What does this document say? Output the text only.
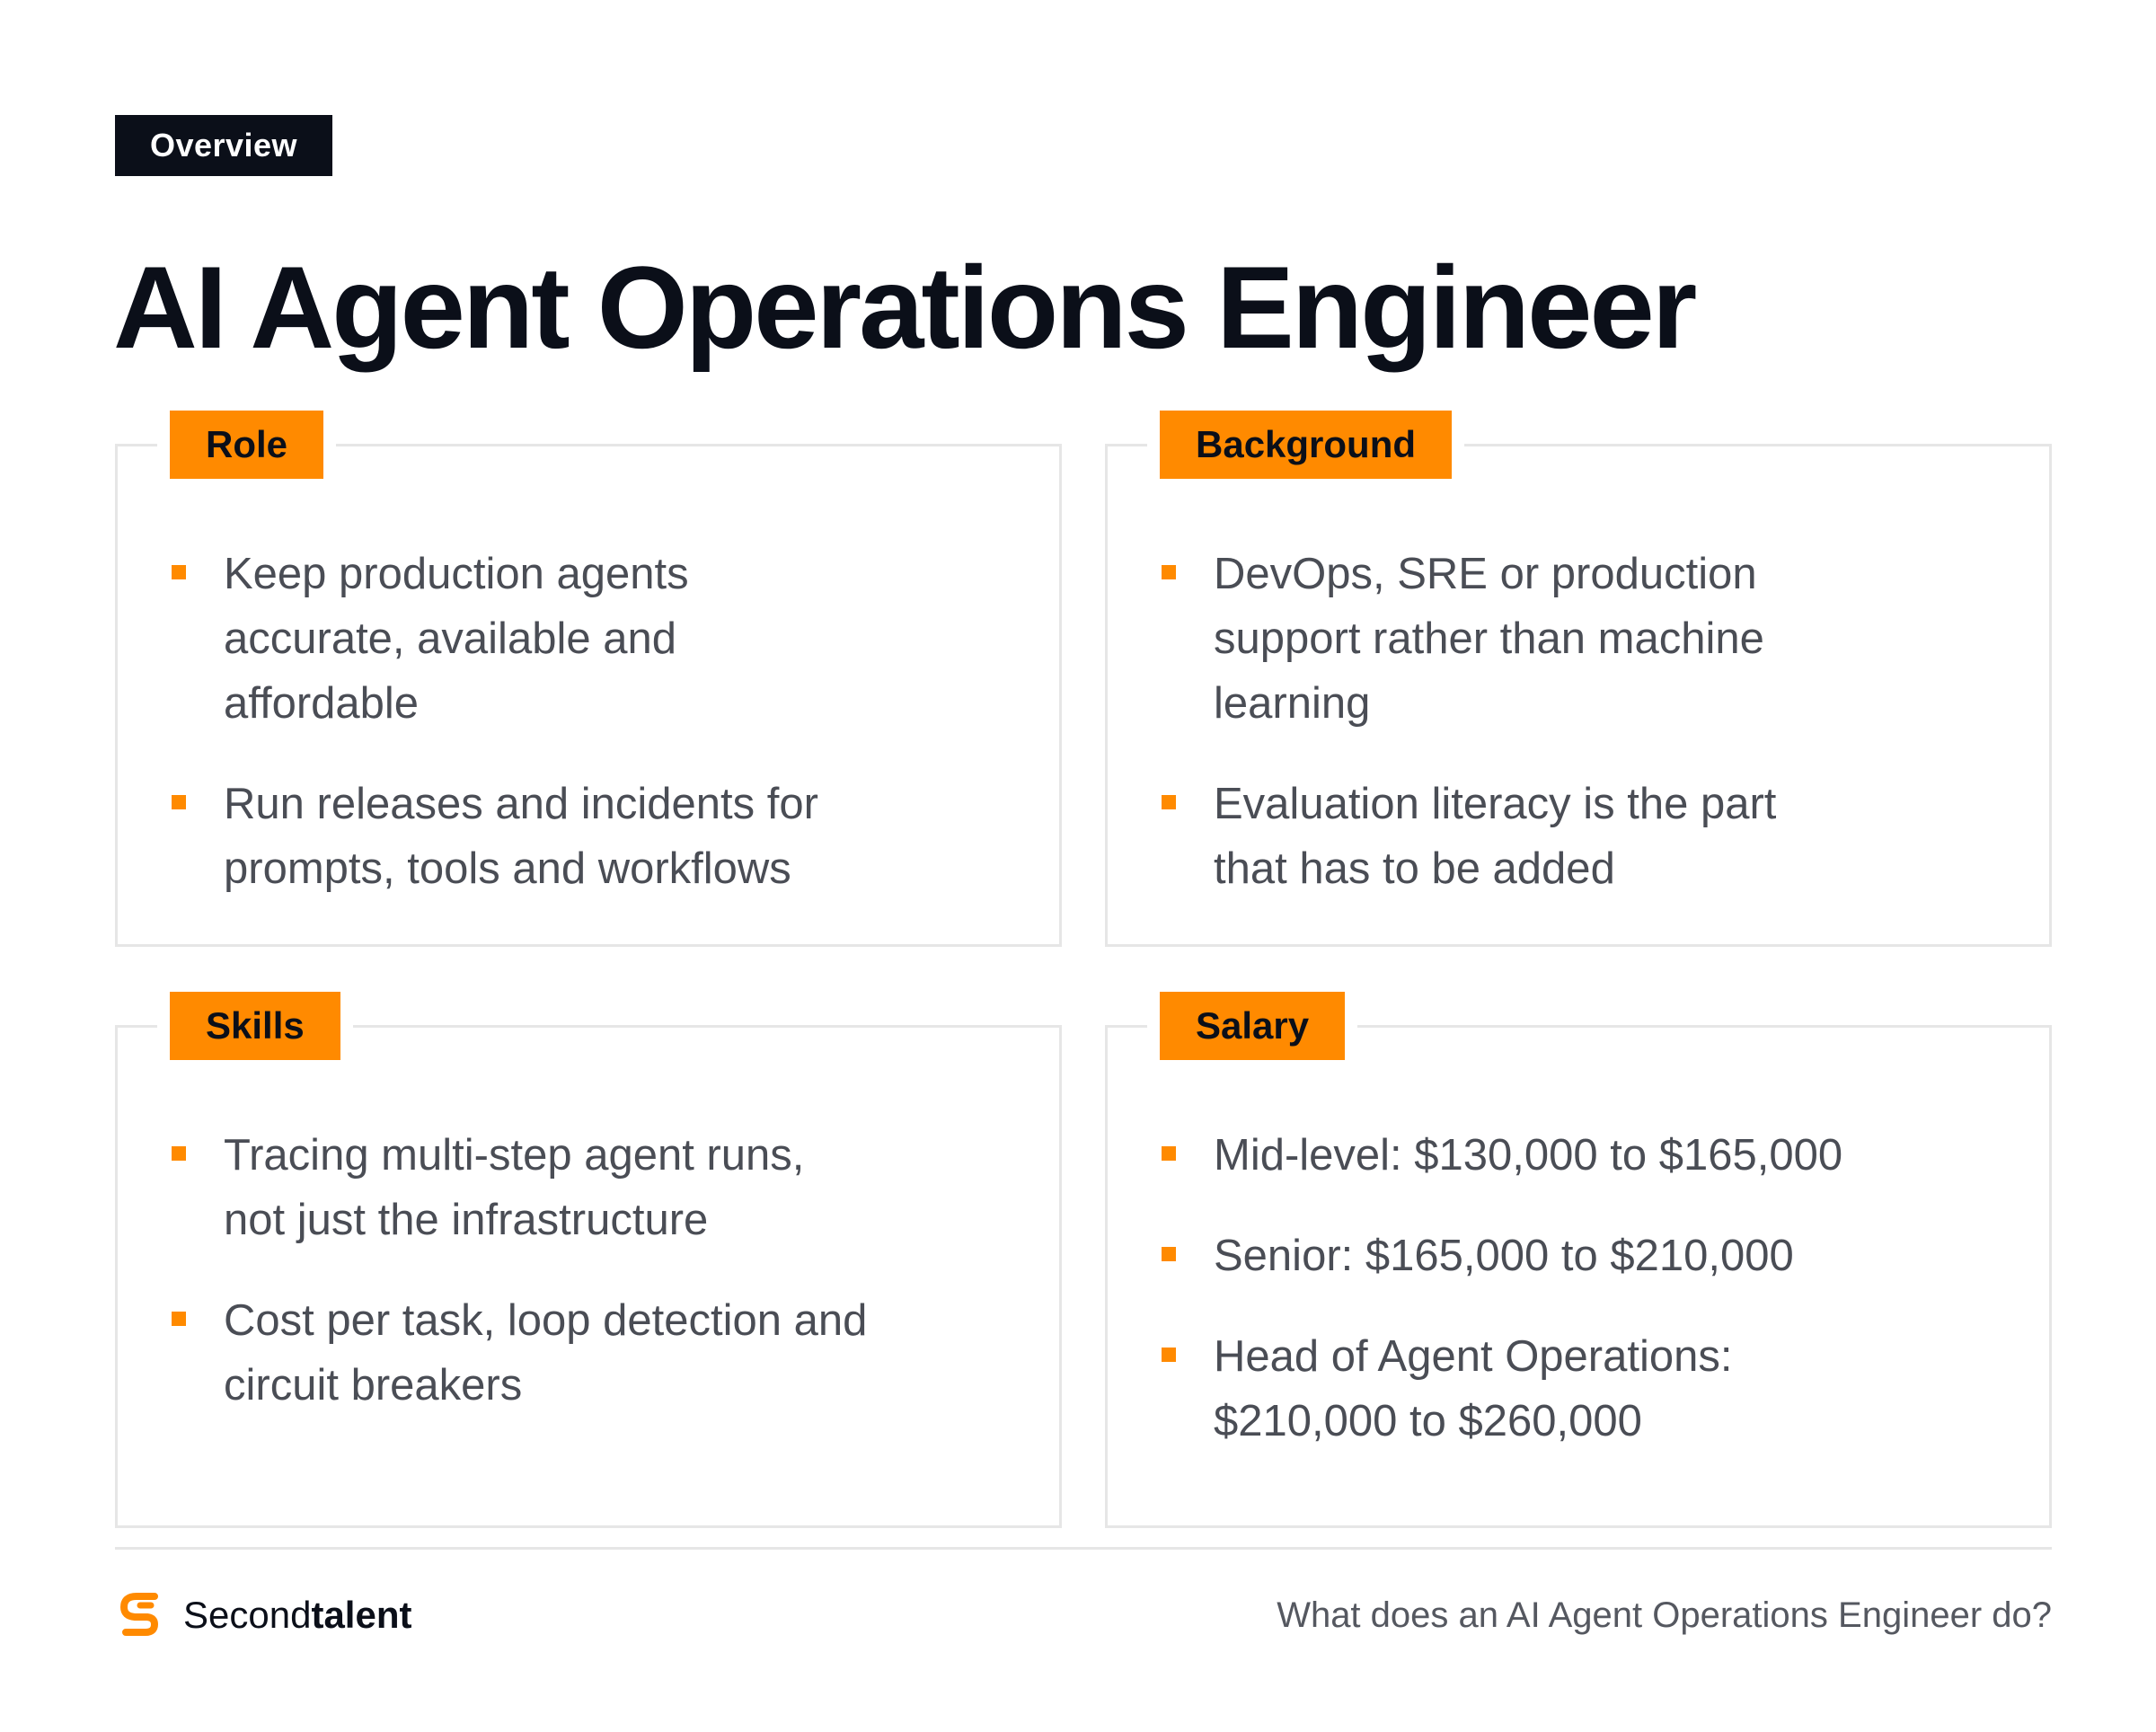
Overview
AI Agent Operations Engineer
Role
Keep production agents accurate, available and affordable
Run releases and incidents for prompts, tools and workflows
Background
DevOps, SRE or production support rather than machine learning
Evaluation literacy is the part that has to be added
Skills
Tracing multi-step agent runs, not just the infrastructure
Cost per task, loop detection and circuit breakers
Salary
Mid-level: $130,000 to $165,000
Senior: $165,000 to $210,000
Head of Agent Operations: $210,000 to $260,000
Secondtalent	What does an AI Agent Operations Engineer do?
